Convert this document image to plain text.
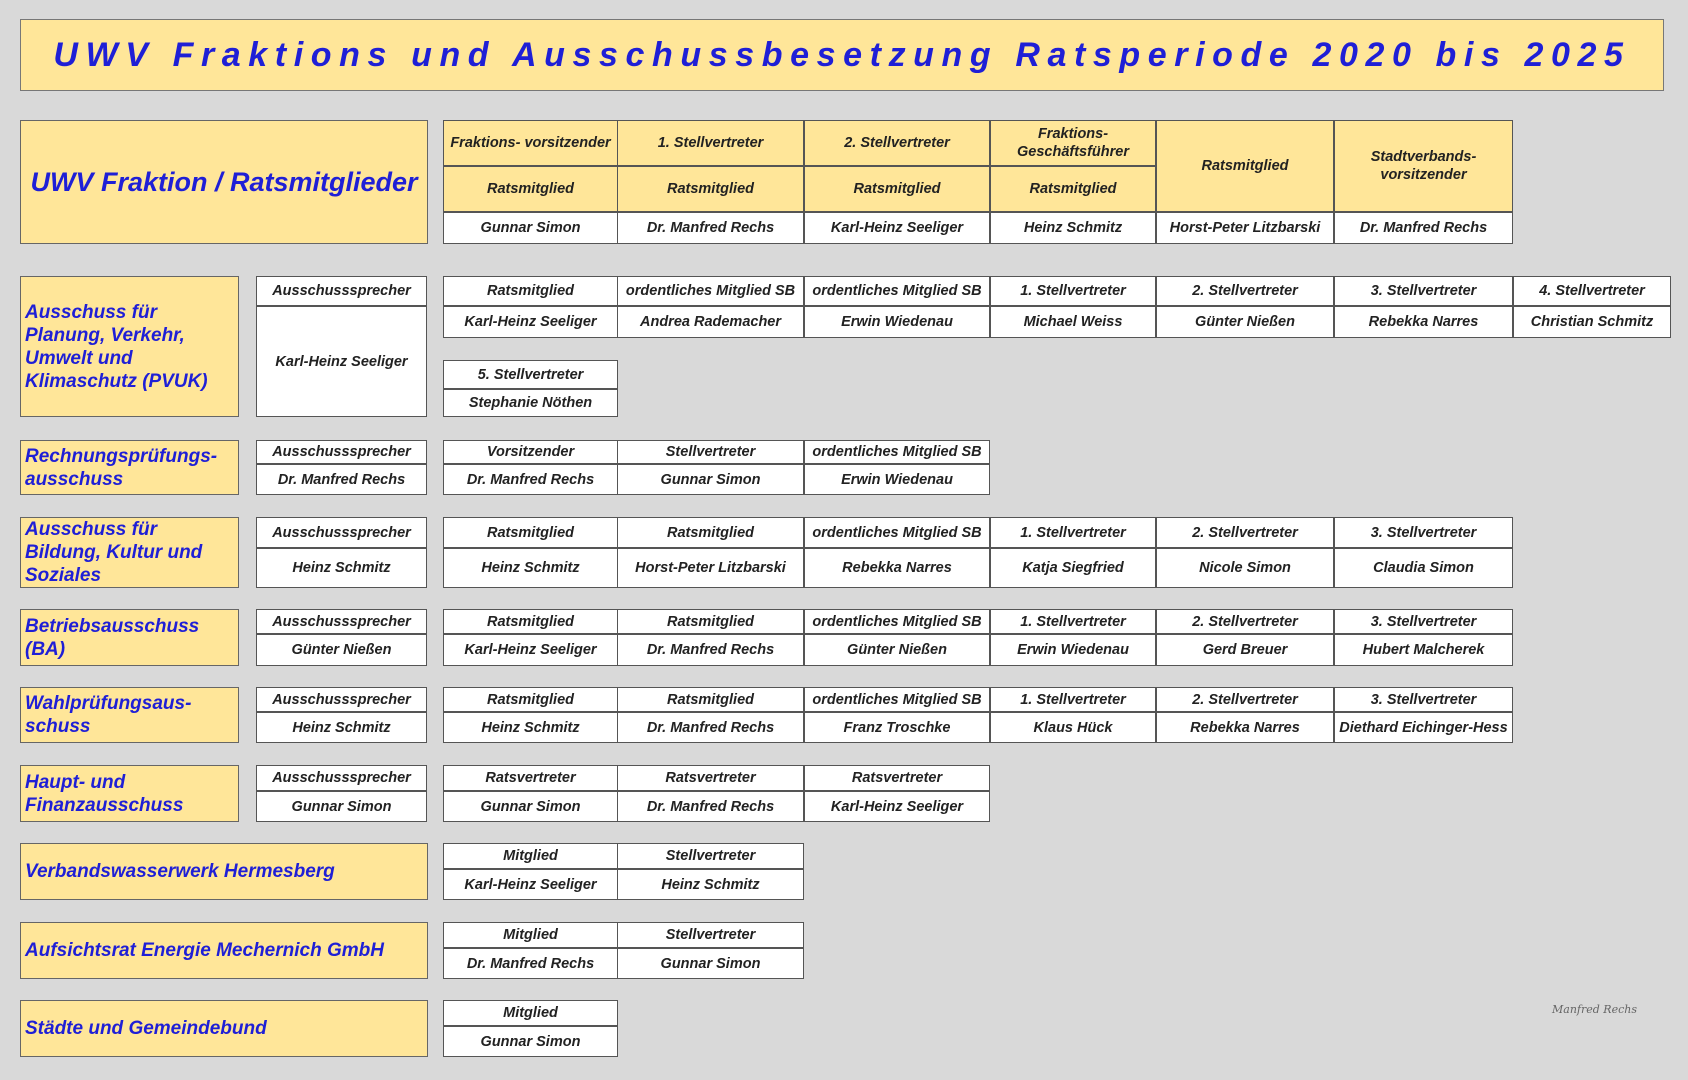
UWV Fraktions und Ausschussbesetzung Ratsperiode 2020 bis 2025
UWV Fraktion / Ratsmitglieder
Fraktions- vorsitzender
Ratsmitglied
Gunnar Simon
1. Stellvertreter
Ratsmitglied
Dr. Manfred Rechs
2. Stellvertreter
Ratsmitglied
Karl-Heinz Seeliger
Fraktions- Geschäftsführer
Ratsmitglied
Heinz Schmitz
Ratsmitglied
Horst-Peter Litzbarski
Stadtverbands- vorsitzender
Dr. Manfred Rechs
Ausschusssprecher
Karl-Heinz Seeliger
Ratsmitglied
Karl-Heinz Seeliger
ordentliches Mitglied SB
Andrea Rademacher
ordentliches Mitglied SB
Erwin Wiedenau
1. Stellvertreter
Michael Weiss
2. Stellvertreter
Günter Nießen
3. Stellvertreter
Rebekka Narres
4. Stellvertreter
Christian Schmitz
Ausschusssprecher
Dr. Manfred Rechs
Vorsitzender
Dr. Manfred Rechs
Stellvertreter
Gunnar Simon
ordentliches Mitglied SB
Erwin Wiedenau
Ausschusssprecher
Heinz Schmitz
Ratsmitglied
Heinz Schmitz
Ratsmitglied
Horst-Peter Litzbarski
ordentliches Mitglied SB
Rebekka Narres
1. Stellvertreter
Katja Siegfried
2. Stellvertreter
Nicole Simon
3. Stellvertreter
Claudia Simon
Ausschusssprecher
Günter Nießen
Ratsmitglied
Karl-Heinz Seeliger
Ratsmitglied
Dr. Manfred Rechs
ordentliches Mitglied SB
Günter Nießen
1. Stellvertreter
Erwin Wiedenau
2. Stellvertreter
Gerd Breuer
3. Stellvertreter
Hubert Malcherek
Ausschusssprecher
Heinz Schmitz
Ratsmitglied
Heinz Schmitz
Ratsmitglied
Dr. Manfred Rechs
ordentliches Mitglied SB
Franz Troschke
1. Stellvertreter
Klaus Hück
2. Stellvertreter
Rebekka Narres
3. Stellvertreter
Diethard Eichinger-Hess
Ausschusssprecher
Gunnar Simon
Ratsvertreter
Gunnar Simon
Ratsvertreter
Dr. Manfred Rechs
Ratsvertreter
Karl-Heinz Seeliger
5. Stellvertreter
Stephanie Nöthen
Mitglied
Karl-Heinz Seeliger
Stellvertreter
Heinz Schmitz
Mitglied
Dr. Manfred Rechs
Stellvertreter
Gunnar Simon
Mitglied
Gunnar Simon
Ausschuss für Planung, Verkehr, Umwelt und Klimaschutz (PVUK)
Rechnungsprüfungs- ausschuss
Ausschuss für Bildung, Kultur und Soziales
Betriebsausschuss (BA)
Wahlprüfungsaus- schuss
Haupt- und Finanzausschuss
Verbandswasserwerk Hermesberg
Aufsichtsrat Energie Mechernich GmbH
Städte und Gemeindebund
Manfred Rechs
